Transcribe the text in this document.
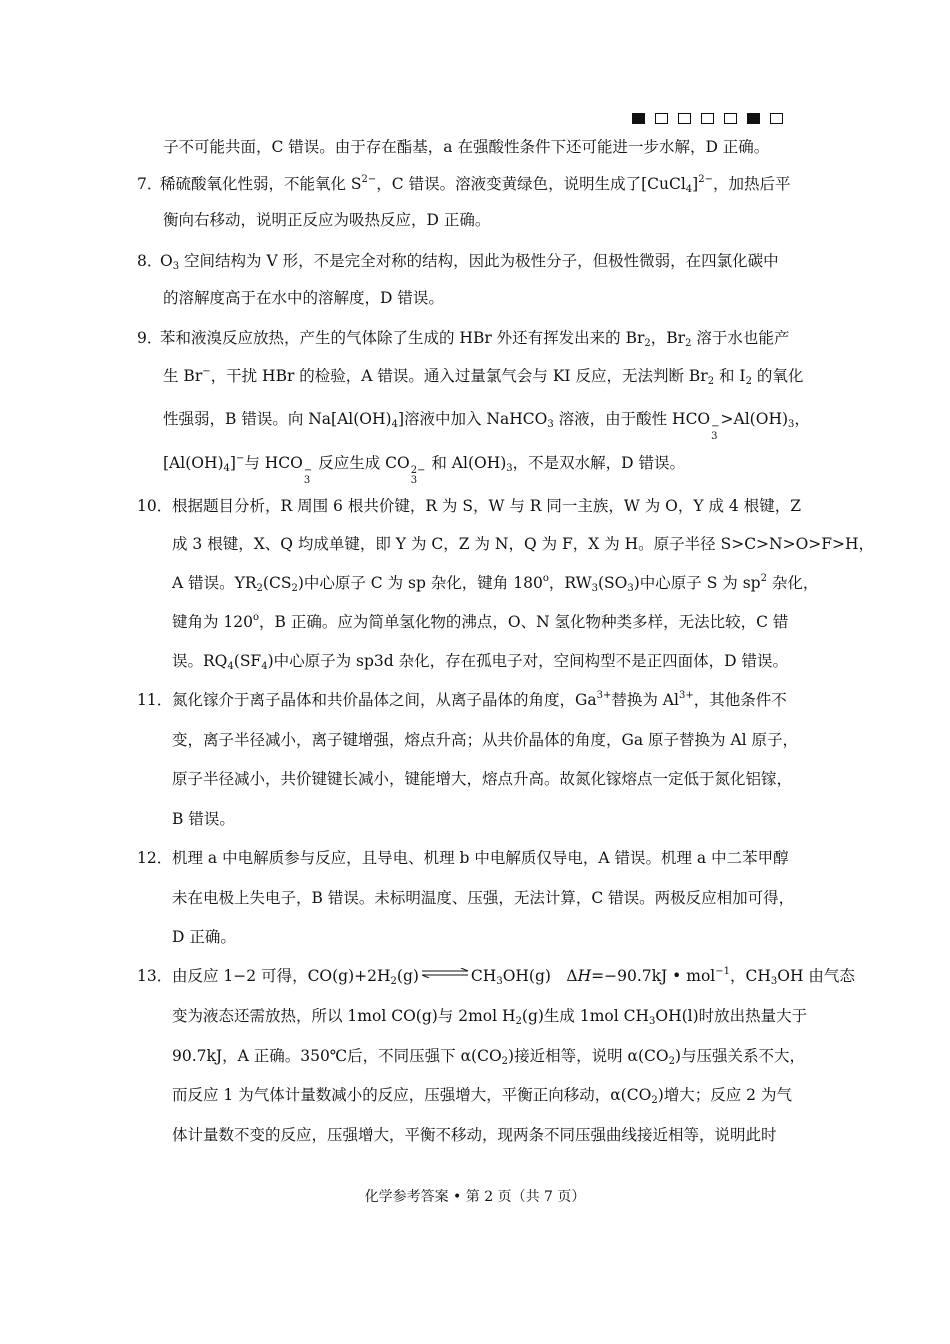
子不可能共面，C 错误。由于存在酯基，a 在强酸性条件下还可能进一步水解，D 正确。
7．
稀硫酸氧化性弱，不能氧化 $S^{2-}$，C 错误。溶液变黄绿色，说明生成了[CuCl$_4$]$^{2-}$，加热后平
衡向右移动，说明正反应为吸热反应，D 正确。
8．
$O_3$ 空间结构为 V 形，不是完全对称的结构，因此为极性分子，但极性微弱，在四氯化碳中
的溶解度高于在水中的溶解度，D 错误。
9．
苯和液溴反应放热，产生的气体除了生成的 HBr 外还有挥发出来的 $Br_2$，$Br_2$ 溶于水也能产
生 Br−，干扰 HBr 的检验，A 错误。通入过量氯气会与 KI 反应，无法判断 $Br_2$ 和 $I_2$ 的氧化
性强弱，B 错误。向 $Na[Al(OH)_4]$溶液中加入 NaHCO$_3$ 溶液，由于酸性 HCO −
3
$>Al(OH)_3$，
$[Al(OH)_4]^-$与 HCO −
3
反应生成 CO 2−
3
和 $Al(OH)_3$，不是双水解，D 错误。
10． 根据题目分析，R 周围 6 根共价键，R 为 S，W 与 R 同一主族，W 为 O，Y 成 4 根键，Z
成 3 根键，X、Q 均成单键，即 Y 为 C，Z 为 N，Q 为 F，X 为 H。原子半径 S>C>N>O>F>H，
A 错误。$YR_2(CS_2)$中心原子 C 为 sp 杂化，键角 180$^o$，$RW_3(SO_3)$中心原子 S 为 $sp^2$ 杂化，
键角为 120$^o$，B 正确。应为简单氢化物的沸点，O、N 氢化物种类多样，无法比较，C 错
误。$RQ_4(SF_4)$中心原子为 sp3d 杂化，存在孤电子对，空间构型不是正四面体，D 错误。
11． 氮化镓介于离子晶体和共价晶体之间，从离子晶体的角度，$Ga^{3+}$替换为 $Al^{3+}$，其他条件不
变，离子半径减小，离子键增强，熔点升高；从共价晶体的角度，Ga 原子替换为 Al 原子，
原子半径减小，共价键键长减小，键能增大，熔点升高。故氮化镓熔点一定低于氮化铝镓，
B 错误。
12． 机理 a 中电解质参与反应，且导电、机理 b 中电解质仅导电，A 错误。机理 a 中二苯甲醇
未在电极上失电子，B 错误。未标明温度、压强，无法计算，C 错误。两极反应相加可得，
D 正确。
13． 由反应 1−2 可得，$CO(g)+2H_2(g)\rightleftharpoons CH_3OH(g)$　ΔH=−90.7kJ • mol$^{-1}$，$CH_3OH$ 由气态
变为液态还需放热，所以 1mol CO(g)与 2mol $H_2(g)$生成 1mol $CH_3OH(l)$时放出热量大于
90.7kJ，A 正确。350℃后，不同压强下 $\alpha(CO_2)$接近相等，说明 $\alpha(CO_2)$与压强关系不大，
而反应 1 为气体计量数减小的反应，压强增大，平衡正向移动，$\alpha(CO_2)$增大；反应 2 为气
体计量数不变的反应，压强增大，平衡不移动，现两条不同压强曲线接近相等，说明此时
化学参考答案 • 第 2 页（共 7 页）
